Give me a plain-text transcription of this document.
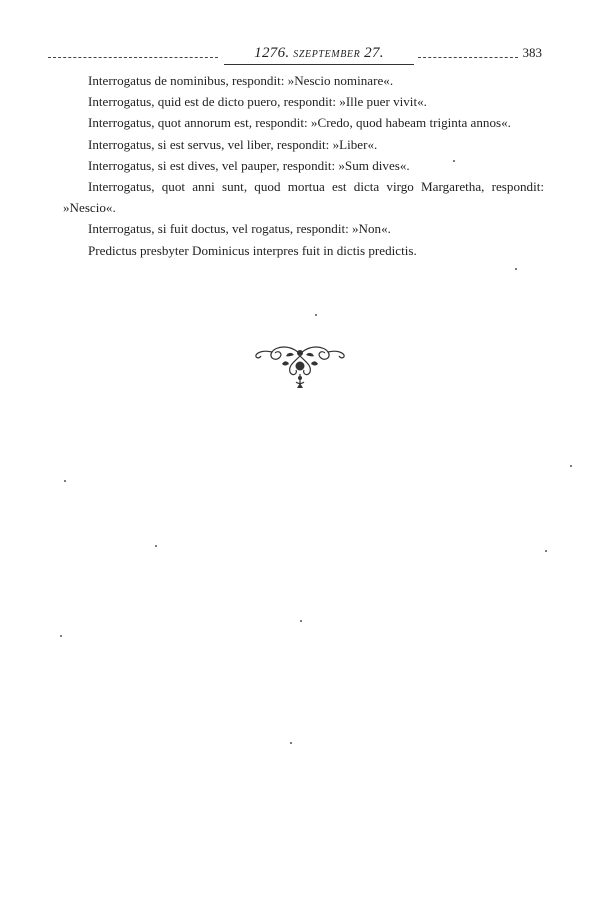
1276. SZEPTEMBER 27.	383

Interrogatus de nominibus, respondit: »Nescio nominare«.

Interrogatus, quid est de dicto puero, respondit: »Ille puer vivit«.

Interrogatus, quot annorum est, respondit: »Credo, quod habeam triginta annos«.

Interrogatus, si est servus, vel liber, respondit: »Liber«.

Interrogatus, si est dives, vel pauper, respondit: »Sum dives«.

Interrogatus, quot anni sunt, quod mortua est dicta virgo Margaretha, respondit: »Nescio«.

Interrogatus, si fuit doctus, vel rogatus, respondit: »Non«.

Predictus presbyter Dominicus interpres fuit in dictis predictis.
